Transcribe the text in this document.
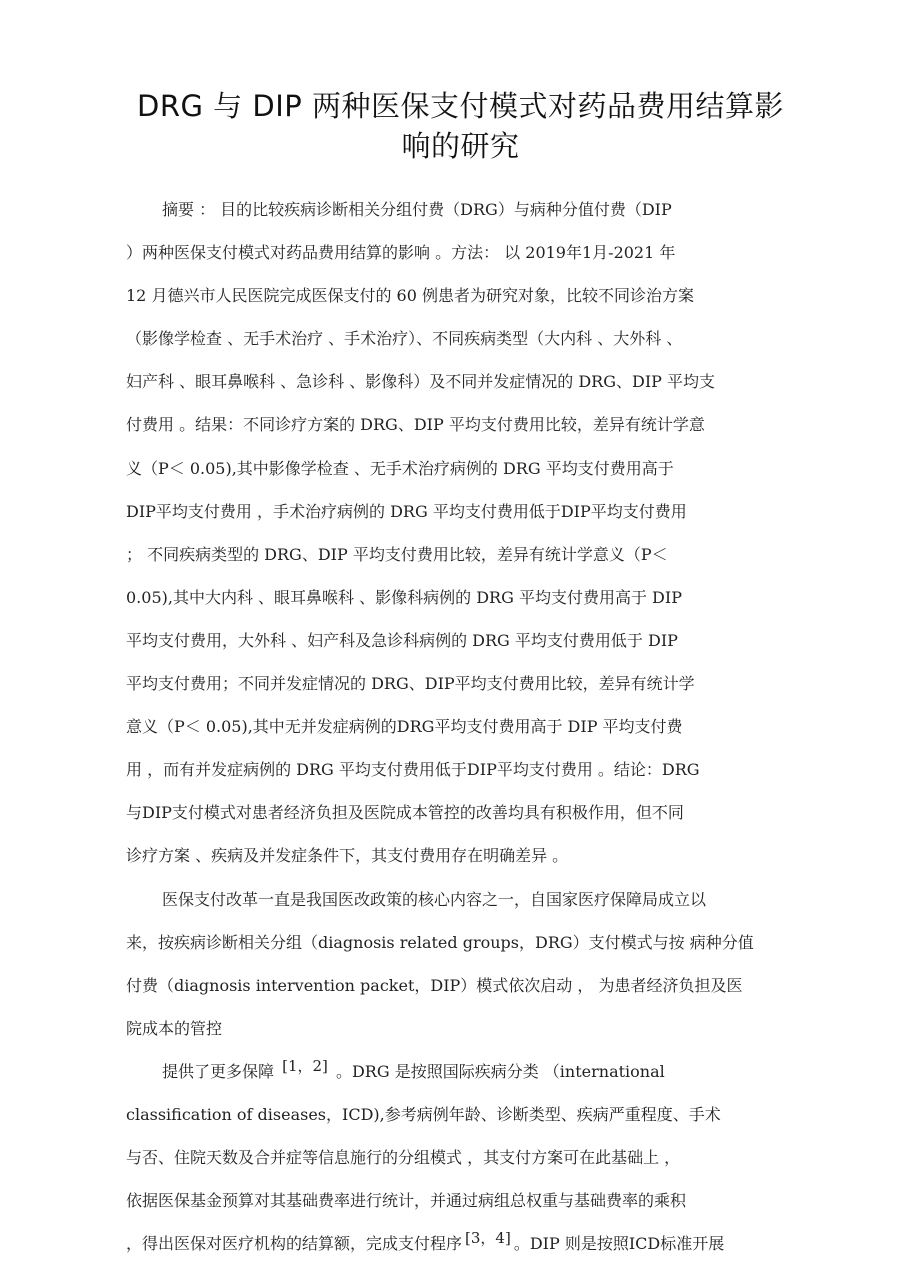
DRG 与 DIP 两种医保支付模式对药品费用结算影
响的研究
摘要 ： 目的比较疾病诊断相关分组付费（DRG）与病种分值付费（DIP
）两种医保支付模式对药品费用结算的影响 。方法： 以 2019年1月-2021 年
12 月德兴市人民医院完成医保支付的 60 例患者为研究对象，比较不同诊治方案
（影像学检查 、无手术治疗 、手术治疗）、不同疾病类型（大内科 、大外科 、
妇产科 、眼耳鼻喉科 、急诊科 、影像科）及不同并发症情况的 DRG、DIP 平均支
付费用 。结果：不同诊疗方案的 DRG、DIP 平均支付费用比较，差异有统计学意
义（P＜ 0.05),其中影像学检查 、无手术治疗病例的 DRG 平均支付费用高于
DIP平均支付费用 ，手术治疗病例的 DRG 平均支付费用低于DIP平均支付费用
； 不同疾病类型的 DRG、DIP 平均支付费用比较，差异有统计学意义（P＜
0.05),其中大内科 、眼耳鼻喉科 、影像科病例的 DRG 平均支付费用高于 DIP
平均支付费用，大外科 、妇产科及急诊科病例的 DRG 平均支付费用低于 DIP
平均支付费用；不同并发症情况的 DRG、DIP平均支付费用比较，差异有统计学
意义（P＜ 0.05),其中无并发症病例的DRG平均支付费用高于 DIP 平均支付费
用 ，而有并发症病例的 DRG 平均支付费用低于DIP平均支付费用 。结论：DRG
与DIP支付模式对患者经济负担及医院成本管控的改善均具有积极作用，但不同
诊疗方案 、疾病及并发症条件下，其支付费用存在明确差异 。
医保支付改革一直是我国医改政策的核心内容之一，自国家医疗保障局成立以
来，按疾病诊断相关分组（diagnosis related groups，DRG）支付模式与按 病种分值
付费（diagnosis intervention packet，DIP）模式依次启动 ， 为患者经济负担及医
院成本的管控
提供了更多保障 [1，2] 。DRG 是按照国际疾病分类 （international
classification of diseases，ICD),参考病例年龄、诊断类型、疾病严重程度、手术
与否、住院天数及合并症等信息施行的分组模式 ，其支付方案可在此基础上 ，
依据医保基金预算对其基础费率进行统计，并通过病组总权重与基础费率的乘积
，得出医保对医疗机构的结算额，完成支付程序 [3，4] 。DIP 则是按照ICD标准开展
